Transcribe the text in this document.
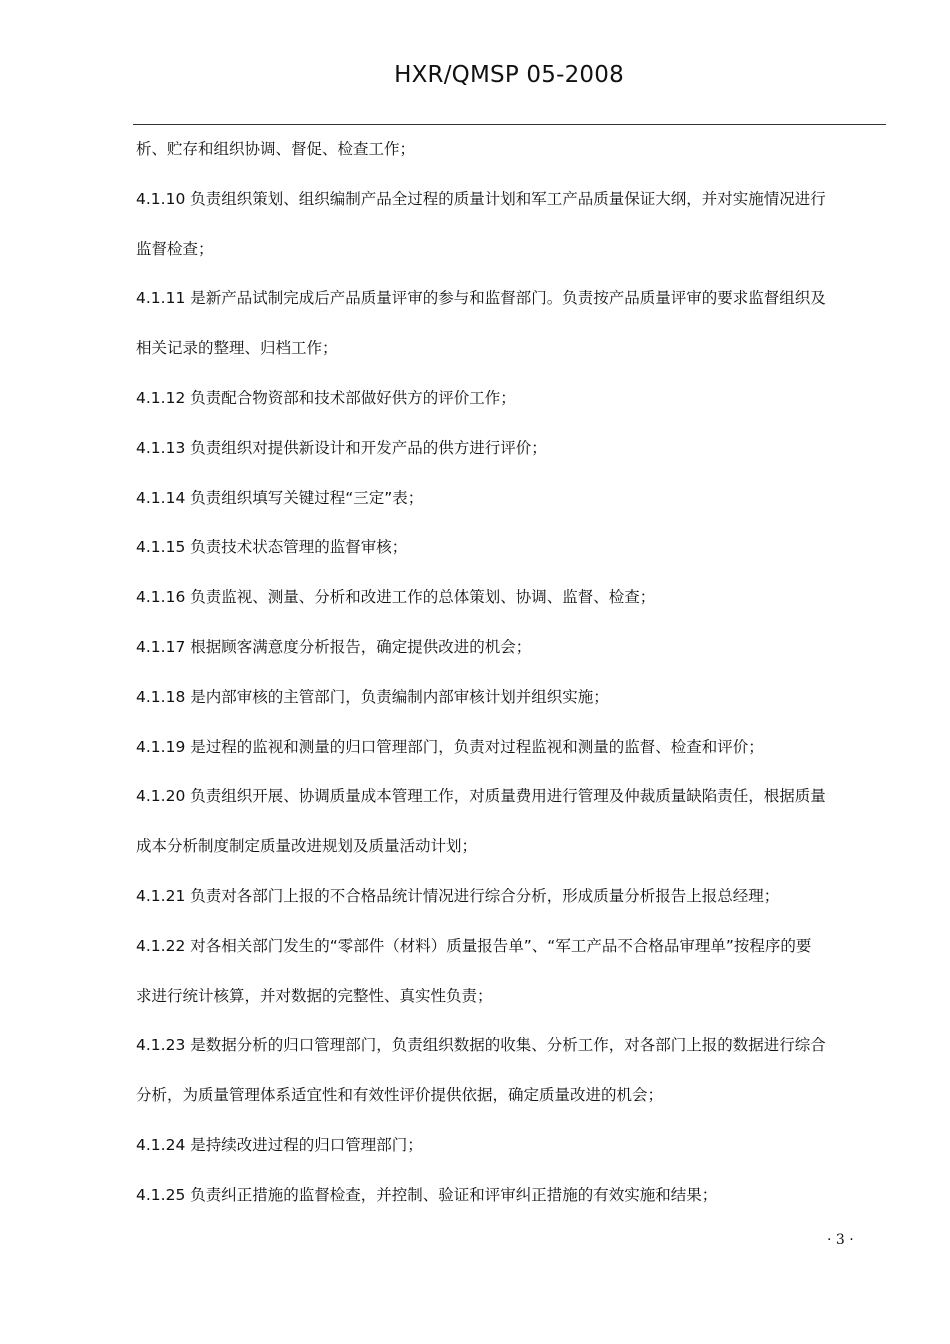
HXR/QMSP 05-2008
析、贮存和组织协调、督促、检查工作；
4.1.10 负责组织策划、组织编制产品全过程的质量计划和军工产品质量保证大纲，并对实施情况进行
监督检查；
4.1.11 是新产品试制完成后产品质量评审的参与和监督部门。负责按产品质量评审的要求监督组织及
相关记录的整理、归档工作；
4.1.12 负责配合物资部和技术部做好供方的评价工作；
4.1.13 负责组织对提供新设计和开发产品的供方进行评价；
4.1.14 负责组织填写关键过程“三定”表；
4.1.15 负责技术状态管理的监督审核；
4.1.16 负责监视、测量、分析和改进工作的总体策划、协调、监督、检查；
4.1.17 根据顾客满意度分析报告，确定提供改进的机会；
4.1.18 是内部审核的主管部门，负责编制内部审核计划并组织实施；
4.1.19 是过程的监视和测量的归口管理部门，负责对过程监视和测量的监督、检查和评价；
4.1.20 负责组织开展、协调质量成本管理工作，对质量费用进行管理及仲裁质量缺陷责任，根据质量
成本分析制度制定质量改进规划及质量活动计划；
4.1.21 负责对各部门上报的不合格品统计情况进行综合分析，形成质量分析报告上报总经理；
4.1.22 对各相关部门发生的“零部件（材料）质量报告单”、“军工产品不合格品审理单”按程序的要
求进行统计核算，并对数据的完整性、真实性负责；
4.1.23 是数据分析的归口管理部门，负责组织数据的收集、分析工作，对各部门上报的数据进行综合
分析，为质量管理体系适宜性和有效性评价提供依据，确定质量改进的机会；
4.1.24 是持续改进过程的归口管理部门；
4.1.25 负责纠正措施的监督检查，并控制、验证和评审纠正措施的有效实施和结果；
· 3 ·
